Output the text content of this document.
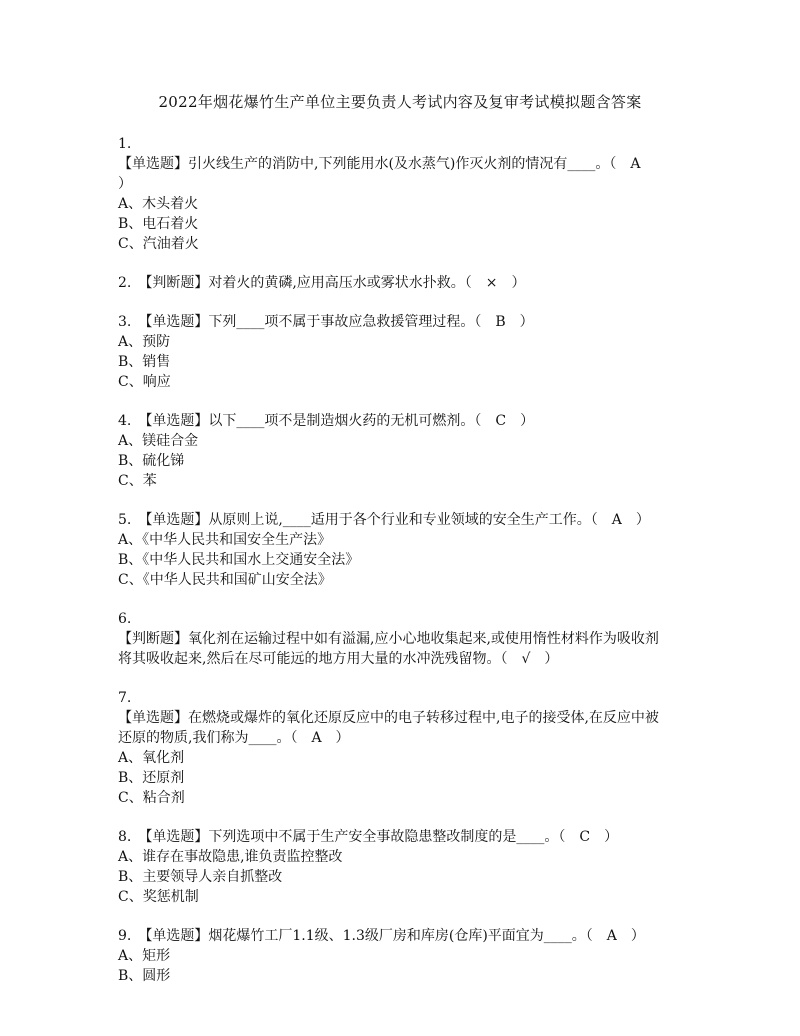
2022年烟花爆竹生产单位主要负责人考试内容及复审考试模拟题含答案
1.
【单选题】引火线生产的消防中,下列能用水(及水蒸气)作灭火剂的情况有____。（　A
）
A、木头着火
B、电石着火
C、汽油着火
2.　【判断题】对着火的黄磷,应用高压水或雾状水扑救。（　×　）
3.　【单选题】下列____项不属于事故应急救援管理过程。（　B　）
A、预防
B、销售
C、响应
4.　【单选题】以下____项不是制造烟火药的无机可燃剂。（　C　）
A、镁硅合金
B、硫化锑
C、苯
5.　【单选题】从原则上说,____适用于各个行业和专业领域的安全生产工作。（　A　）
A、《中华人民共和国安全生产法》
B、《中华人民共和国水上交通安全法》
C、《中华人民共和国矿山安全法》
6.
【判断题】氧化剂在运输过程中如有溢漏,应小心地收集起来,或使用惰性材料作为吸收剂
将其吸收起来,然后在尽可能远的地方用大量的水冲洗残留物。（　√　）
7.
【单选题】在燃烧或爆炸的氧化还原反应中的电子转移过程中,电子的接受体,在反应中被
还原的物质,我们称为____。（　A　）
A、氧化剂
B、还原剂
C、粘合剂
8.　【单选题】下列选项中不属于生产安全事故隐患整改制度的是____。（　C　）
A、谁存在事故隐患,谁负责监控整改
B、主要领导人亲自抓整改
C、奖惩机制
9.　【单选题】烟花爆竹工厂1.1级、1.3级厂房和库房(仓库)平面宜为____。（　A　）
A、矩形
B、圆形
